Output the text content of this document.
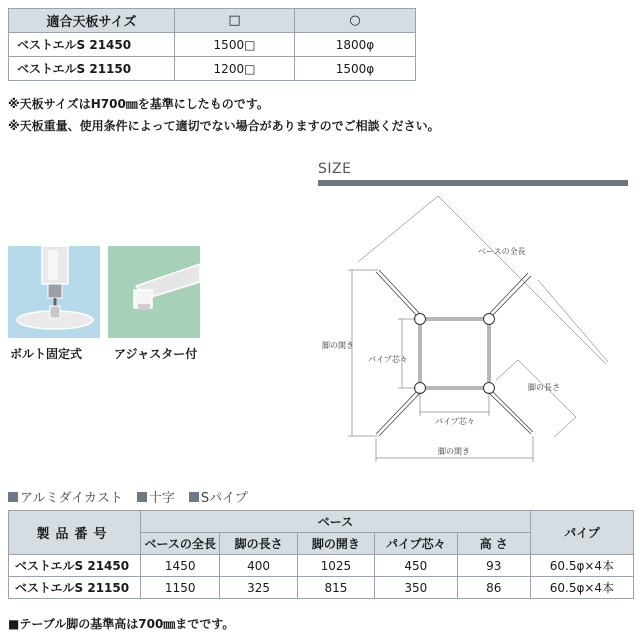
適合天板サイズ	□	○
ベストエルS 21450	1500□	1800φ
ベストエルS 21150	1200□	1500φ
※天板サイズはH700㎜を基準にしたものです。
※天板重量、使用条件によって適切でない場合がありますのでご相談ください。
SIZE
ベースの全長
脚の開き
パイプ芯々
脚の長さ
パイプ芯々
脚の開き
ボルト固定式	アジャスター付
アルミダイカスト	十字	Sパイプ
製品番号	ベース					パイプ
	ベースの全長	脚の長さ	脚の開き	パイプ芯々	高 さ	
ベストエルS 21450	1450	400	1025	450	93	60.5φ×4本
ベストエルS 21150	1150	325	815	350	86	60.5φ×4本
■テーブル脚の基準高は700㎜までです。
